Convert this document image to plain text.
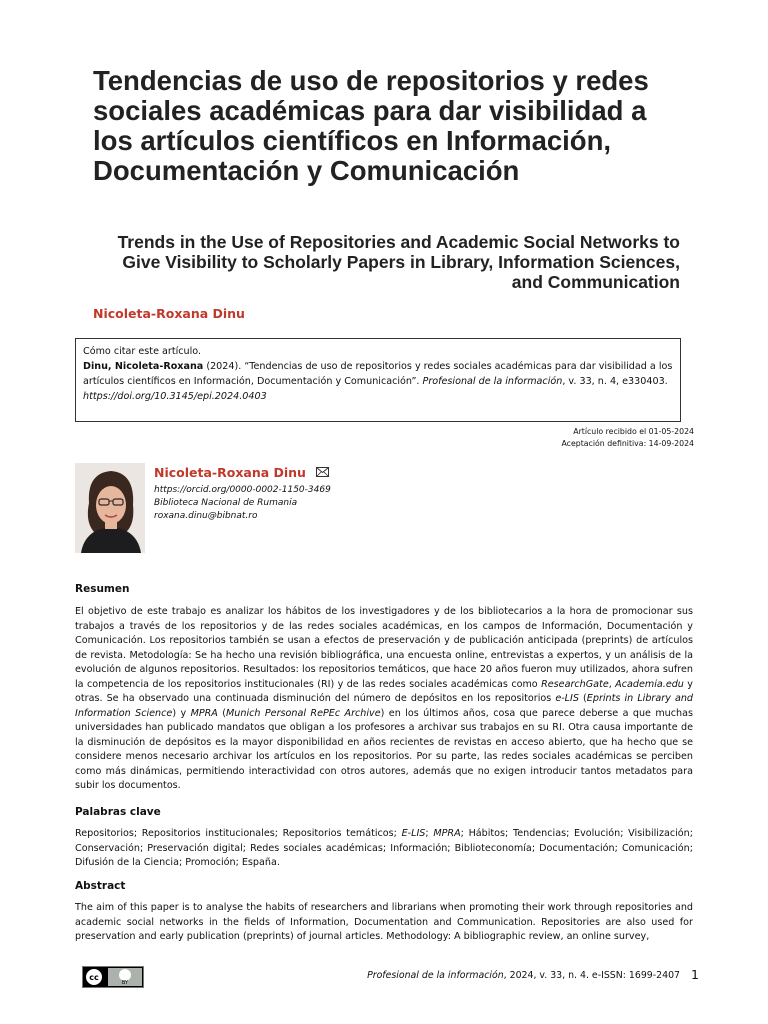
Tendencias de uso de repositorios y redes sociales académicas para dar visibilidad a los artículos científicos en Información, Documentación y Comunicación
Trends in the Use of Repositories and Academic Social Networks to Give Visibility to Scholarly Papers in Library, Information Sciences, and Communication
Nicoleta-Roxana Dinu
Cómo citar este artículo.
Dinu, Nicoleta-Roxana (2024). “Tendencias de uso de repositorios y redes sociales académicas para dar visibilidad a los artículos científicos en Información, Documentación y Comunicación”. Profesional de la información, v. 33, n. 4, e330403.
https://doi.org/10.3145/epi.2024.0403
Artículo recibido el 01-05-2024
Aceptación definitiva: 14-09-2024
Nicoleta-Roxana Dinu
https://orcid.org/0000-0002-1150-3469
Biblioteca Nacional de Rumania
roxana.dinu@bibnat.ro
Resumen
El objetivo de este trabajo es analizar los hábitos de los investigadores y de los bibliotecarios a la hora de promocionar sus trabajos a través de los repositorios y de las redes sociales académicas, en los campos de Información, Documentación y Comunicación. Los repositorios también se usan a efectos de preservación y de publicación anticipada (preprints) de artículos de revista. Metodología: Se ha hecho una revisión bibliográfica, una encuesta online, entrevistas a expertos, y un análisis de la evolución de algunos repositorios. Resultados: los repositorios temáticos, que hace 20 años fueron muy utilizados, ahora sufren la competencia de los repositorios institucionales (RI) y de las redes sociales académicas como ResearchGate, Academia.edu y otras. Se ha observado una continuada disminución del número de depósitos en los repositorios e-LIS (Eprints in Library and Information Science) y MPRA (Munich Personal RePEc Archive) en los últimos años, cosa que parece deberse a que muchas universidades han publicado mandatos que obligan a los profesores a archivar sus trabajos en su RI. Otra causa importante de la disminución de depósitos es la mayor disponibilidad en años recientes de revistas en acceso abierto, que ha hecho que se considere menos necesario archivar los artículos en los repositorios. Por su parte, las redes sociales académicas se perciben como más dinámicas, permitiendo interactividad con otros autores, además que no exigen introducir tantos metadatos para subir los documentos.
Palabras clave
Repositorios; Repositorios institucionales; Repositorios temáticos; E-LIS; MPRA; Hábitos; Tendencias; Evolución; Visibilización; Conservación; Preservación digital; Redes sociales académicas; Información; Biblioteconomía; Documentación; Comunicación; Difusión de la Ciencia; Promoción; España.
Abstract
The aim of this paper is to analyse the habits of researchers and librarians when promoting their work through repositories and academic social networks in the fields of Information, Documentation and Communication. Repositories are also used for preservation and early publication (preprints) of journal articles. Methodology: A bibliographic review, an online survey,
cc
BY
Profesional de la información, 2024, v. 33, n. 4. e-ISSN: 1699-2407 1
